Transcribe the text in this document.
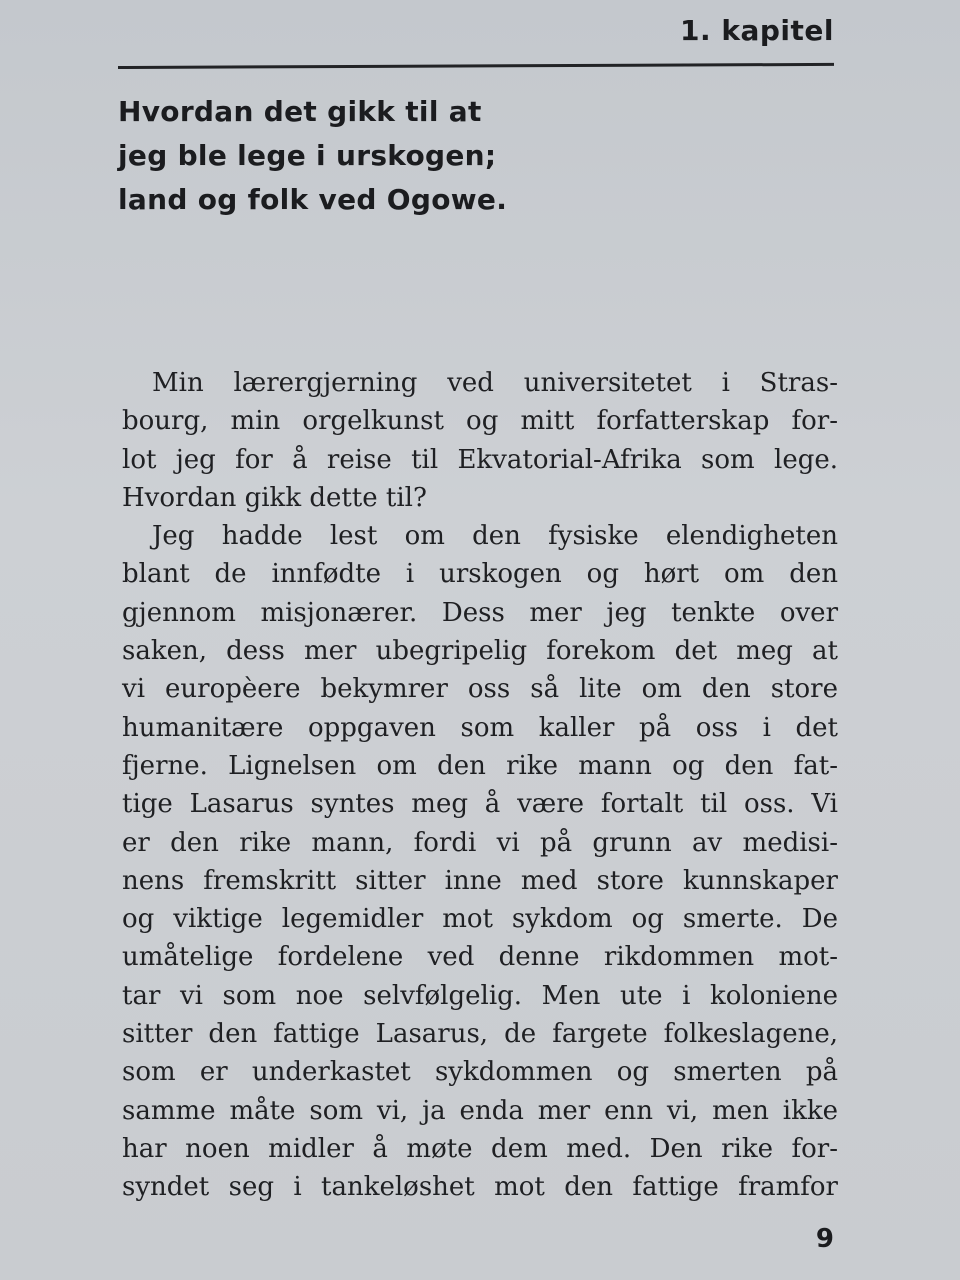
1. kapitel
Hvordan det gikk til at
jeg ble lege i urskogen;
land og folk ved Ogowe.
Min lærergjerning ved universitetet i Stras-
bourg, min orgelkunst og mitt forfatterskap for-
lot jeg for å reise til Ekvatorial-Afrika som lege.
Hvordan gikk dette til?
Jeg hadde lest om den fysiske elendigheten
blant de innfødte i urskogen og hørt om den
gjennom misjonærer. Dess mer jeg tenkte over
saken, dess mer ubegripelig forekom det meg at
vi europèere bekymrer oss så lite om den store
humanitære oppgaven som kaller på oss i det
fjerne. Lignelsen om den rike mann og den fat-
tige Lasarus syntes meg å være fortalt til oss. Vi
er den rike mann, fordi vi på grunn av medisi-
nens fremskritt sitter inne med store kunnskaper
og viktige legemidler mot sykdom og smerte. De
umåtelige fordelene ved denne rikdommen mot-
tar vi som noe selvfølgelig. Men ute i koloniene
sitter den fattige Lasarus, de fargete folkeslagene,
som er underkastet sykdommen og smerten på
samme måte som vi, ja enda mer enn vi, men ikke
har noen midler å møte dem med. Den rike for-
syndet seg i tankeløshet mot den fattige framfor
9
